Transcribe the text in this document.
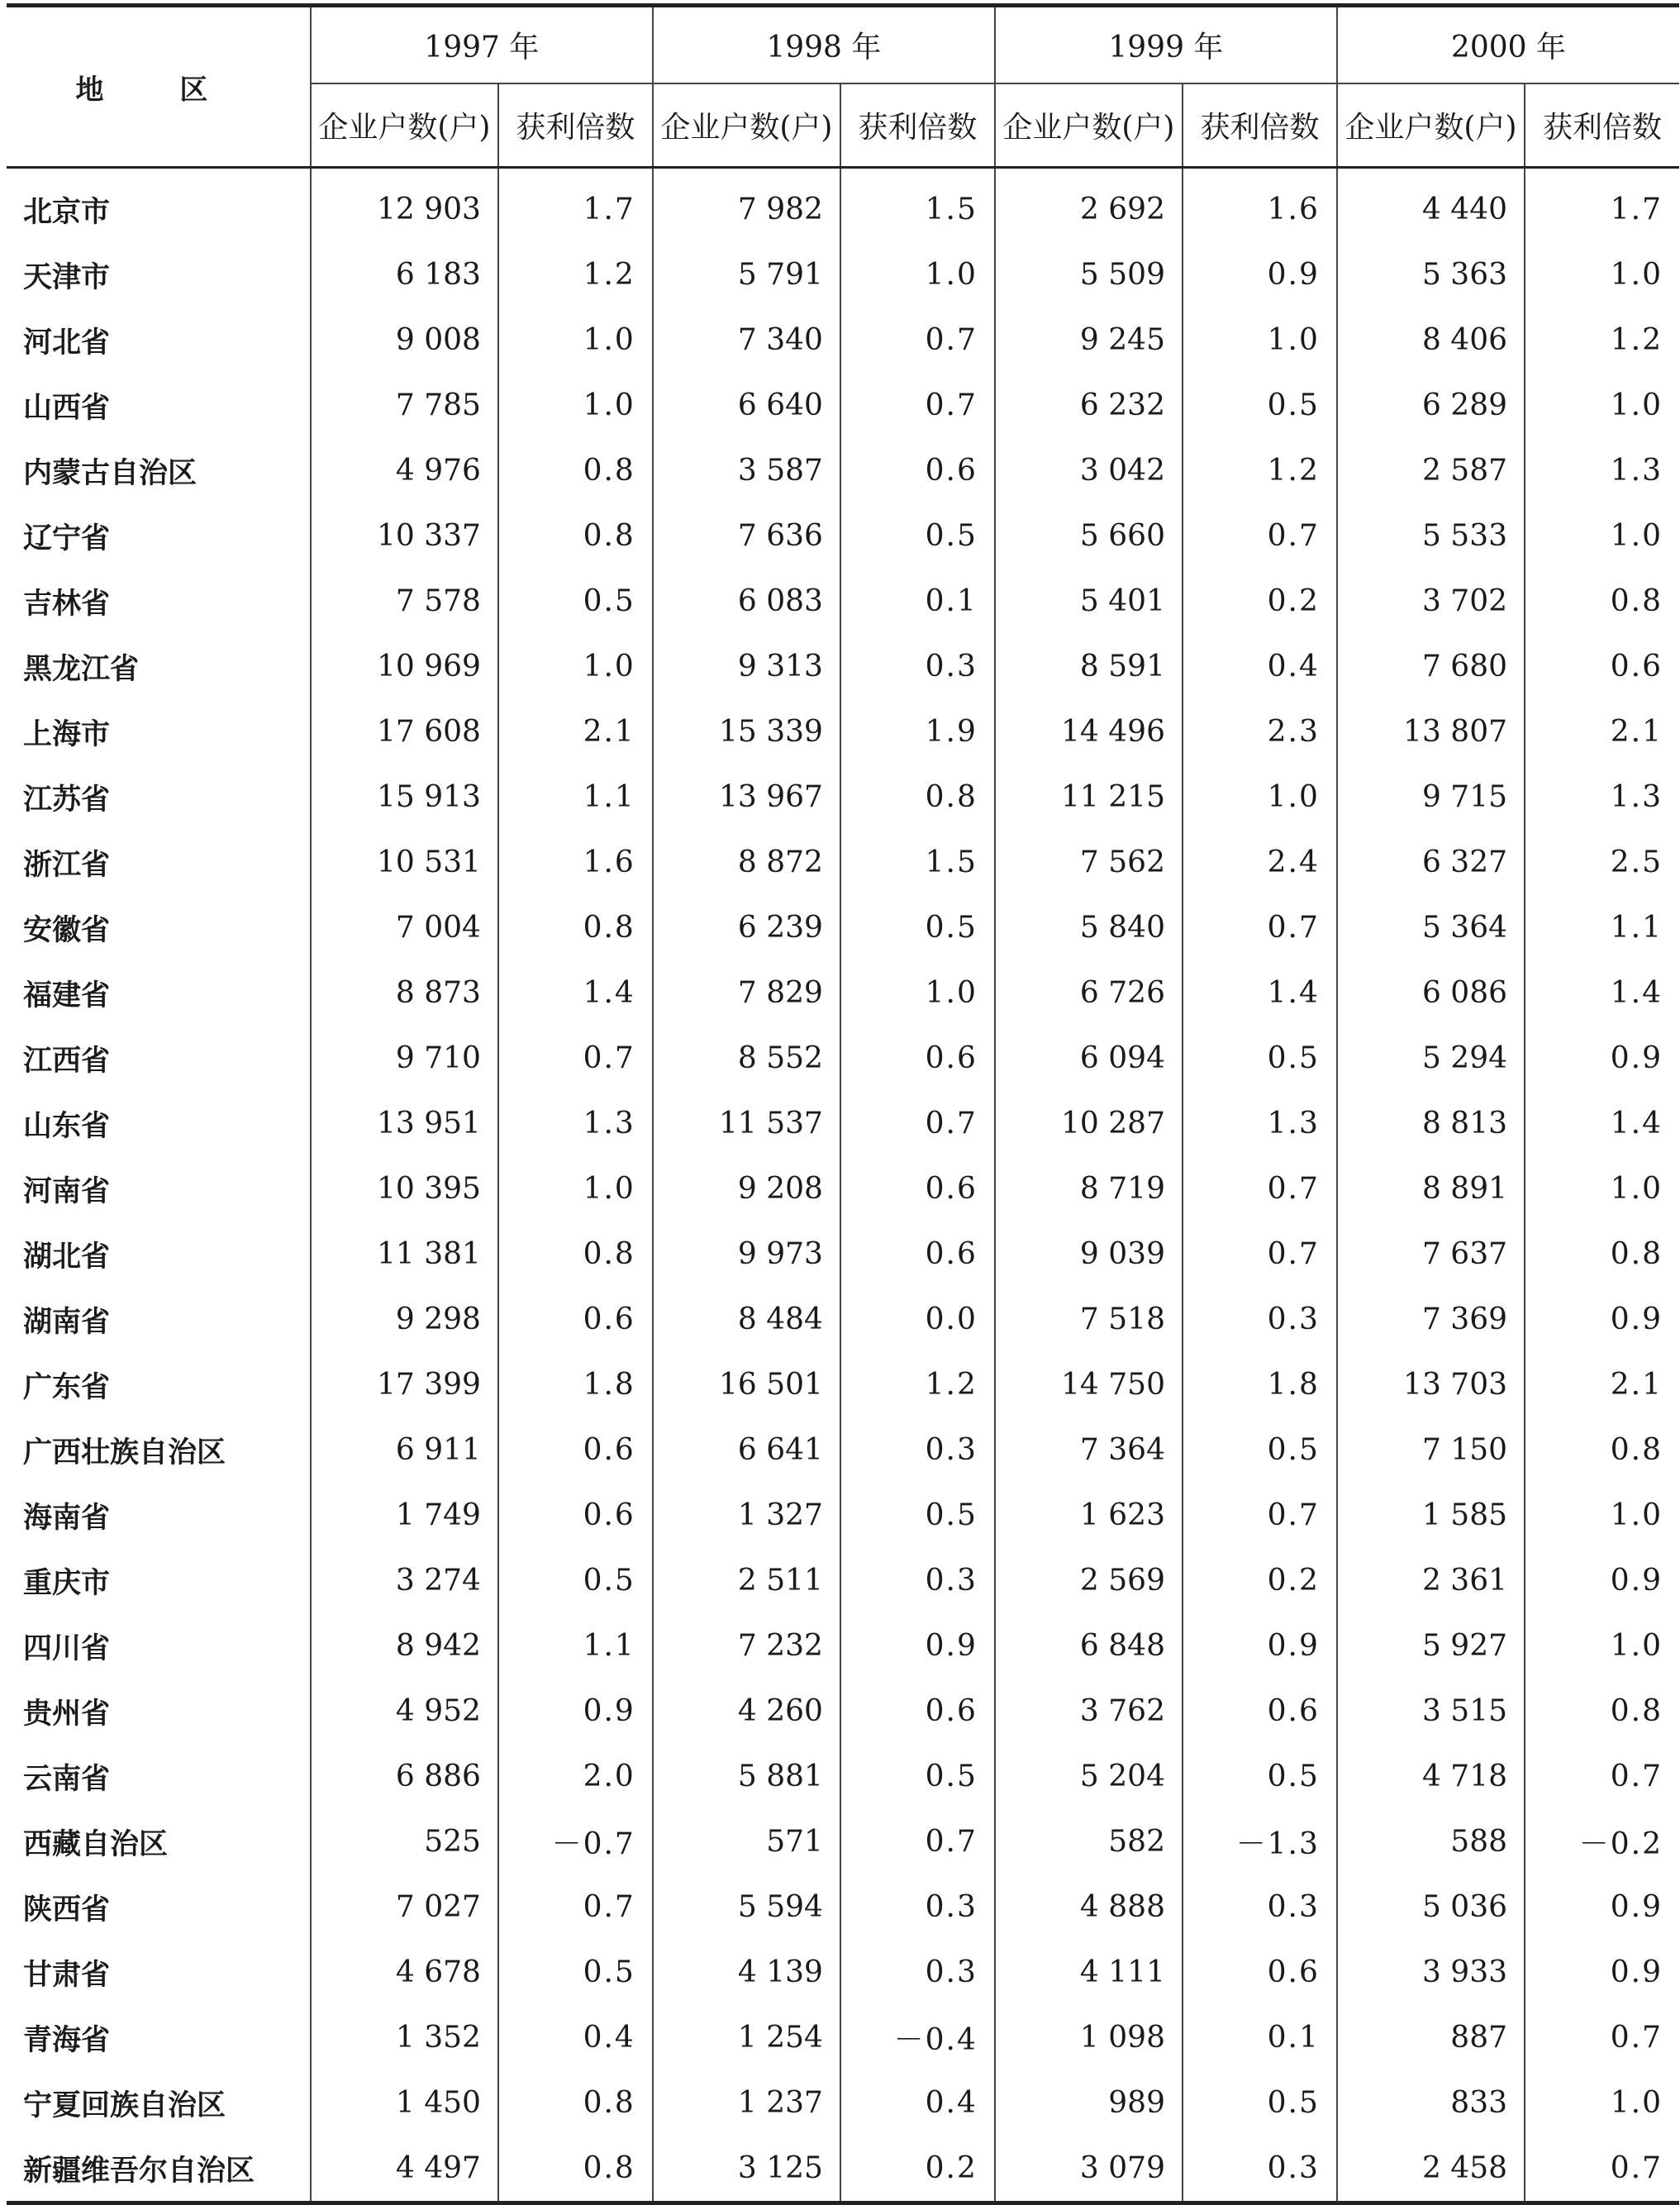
地 区	1997 年		1998 年		1999 年		2000 年	
	企业户数(户)	获利倍数	企业户数(户)	获利倍数	企业户数(户)	获利倍数	企业户数(户)	获利倍数
北京市	12 903	1.7	7 982	1.5	2 692	1.6	4 440	1.7
天津市	6 183	1.2	5 791	1.0	5 509	0.9	5 363	1.0
河北省	9 008	1.0	7 340	0.7	9 245	1.0	8 406	1.2
山西省	7 785	1.0	6 640	0.7	6 232	0.5	6 289	1.0
内蒙古自治区	4 976	0.8	3 587	0.6	3 042	1.2	2 587	1.3
辽宁省	10 337	0.8	7 636	0.5	5 660	0.7	5 533	1.0
吉林省	7 578	0.5	6 083	0.1	5 401	0.2	3 702	0.8
黑龙江省	10 969	1.0	9 313	0.3	8 591	0.4	7 680	0.6
上海市	17 608	2.1	15 339	1.9	14 496	2.3	13 807	2.1
江苏省	15 913	1.1	13 967	0.8	11 215	1.0	9 715	1.3
浙江省	10 531	1.6	8 872	1.5	7 562	2.4	6 327	2.5
安徽省	7 004	0.8	6 239	0.5	5 840	0.7	5 364	1.1
福建省	8 873	1.4	7 829	1.0	6 726	1.4	6 086	1.4
江西省	9 710	0.7	8 552	0.6	6 094	0.5	5 294	0.9
山东省	13 951	1.3	11 537	0.7	10 287	1.3	8 813	1.4
河南省	10 395	1.0	9 208	0.6	8 719	0.7	8 891	1.0
湖北省	11 381	0.8	9 973	0.6	9 039	0.7	7 637	0.8
湖南省	9 298	0.6	8 484	0.0	7 518	0.3	7 369	0.9
广东省	17 399	1.8	16 501	1.2	14 750	1.8	13 703	2.1
广西壮族自治区	6 911	0.6	6 641	0.3	7 364	0.5	7 150	0.8
海南省	1 749	0.6	1 327	0.5	1 623	0.7	1 585	1.0
重庆市	3 274	0.5	2 511	0.3	2 569	0.2	2 361	0.9
四川省	8 942	1.1	7 232	0.9	6 848	0.9	5 927	1.0
贵州省	4 952	0.9	4 260	0.6	3 762	0.6	3 515	0.8
云南省	6 886	2.0	5 881	0.5	5 204	0.5	4 718	0.7
西藏自治区	525	－0.7	571	0.7	582	－1.3	588	－0.2
陕西省	7 027	0.7	5 594	0.3	4 888	0.3	5 036	0.9
甘肃省	4 678	0.5	4 139	0.3	4 111	0.6	3 933	0.9
青海省	1 352	0.4	1 254	－0.4	1 098	0.1	887	0.7
宁夏回族自治区	1 450	0.8	1 237	0.4	989	0.5	833	1.0
新疆维吾尔自治区	4 497	0.8	3 125	0.2	3 079	0.3	2 458	0.7
